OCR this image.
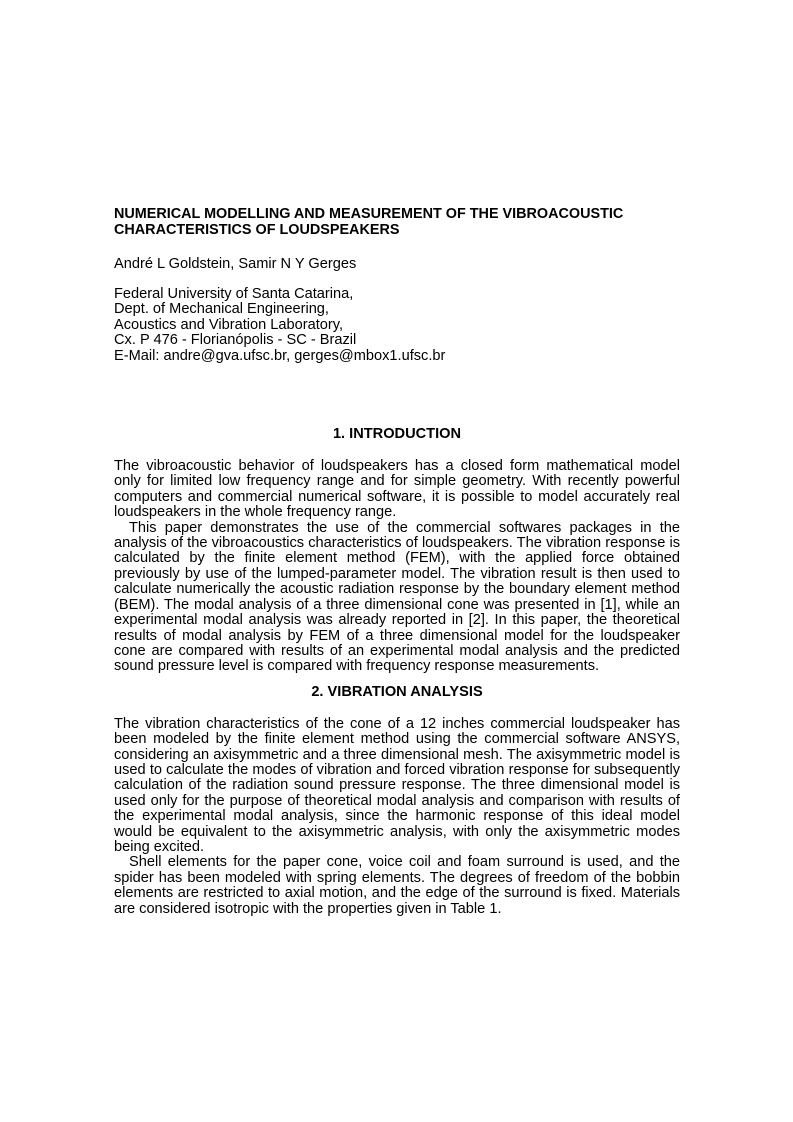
NUMERICAL MODELLING AND MEASUREMENT OF THE VIBROACOUSTIC CHARACTERISTICS OF LOUDSPEAKERS
André L Goldstein, Samir N Y Gerges
Federal University of Santa Catarina,
Dept. of Mechanical Engineering,
Acoustics and Vibration Laboratory,
Cx. P 476 - Florianópolis - SC - Brazil
E-Mail: andre@gva.ufsc.br, gerges@mbox1.ufsc.br
1. INTRODUCTION

The vibroacoustic behavior of loudspeakers has a closed form mathematical model only for limited low frequency range and for simple geometry. With recently powerful computers and commercial numerical software, it is possible to model accurately real loudspeakers in the whole frequency range.

This paper demonstrates the use of the commercial softwares packages in the analysis of the vibroacoustics characteristics of loudspeakers. The vibration response is calculated by the finite element method (FEM), with the applied force obtained previously by use of the lumped-parameter model. The vibration result is then used to calculate numerically the acoustic radiation response by the boundary element method (BEM). The modal analysis of a three dimensional cone was presented in [1], while an experimental modal analysis was already reported in [2]. In this paper, the theoretical results of modal analysis by FEM of a three dimensional model for the loudspeaker cone are compared with results of an experimental modal analysis and the predicted sound pressure level is compared with frequency response measurements.

2. VIBRATION ANALYSIS

The vibration characteristics of the cone of a 12 inches commercial loudspeaker has been modeled by the finite element method using the commercial software ANSYS, considering an axisymmetric and a three dimensional mesh. The axisymmetric model is used to calculate the modes of vibration and forced vibration response for subsequently calculation of the radiation sound pressure response. The three dimensional model is used only for the purpose of theoretical modal analysis and comparison with results of the experimental modal analysis, since the harmonic response of this ideal model would be equivalent to the axisymmetric analysis, with only the axisymmetric modes being excited.

Shell elements for the paper cone, voice coil and foam surround is used, and the spider has been modeled with spring elements. The degrees of freedom of the bobbin elements are restricted to axial motion, and the edge of the surround is fixed. Materials are considered isotropic with the properties given in Table 1.
